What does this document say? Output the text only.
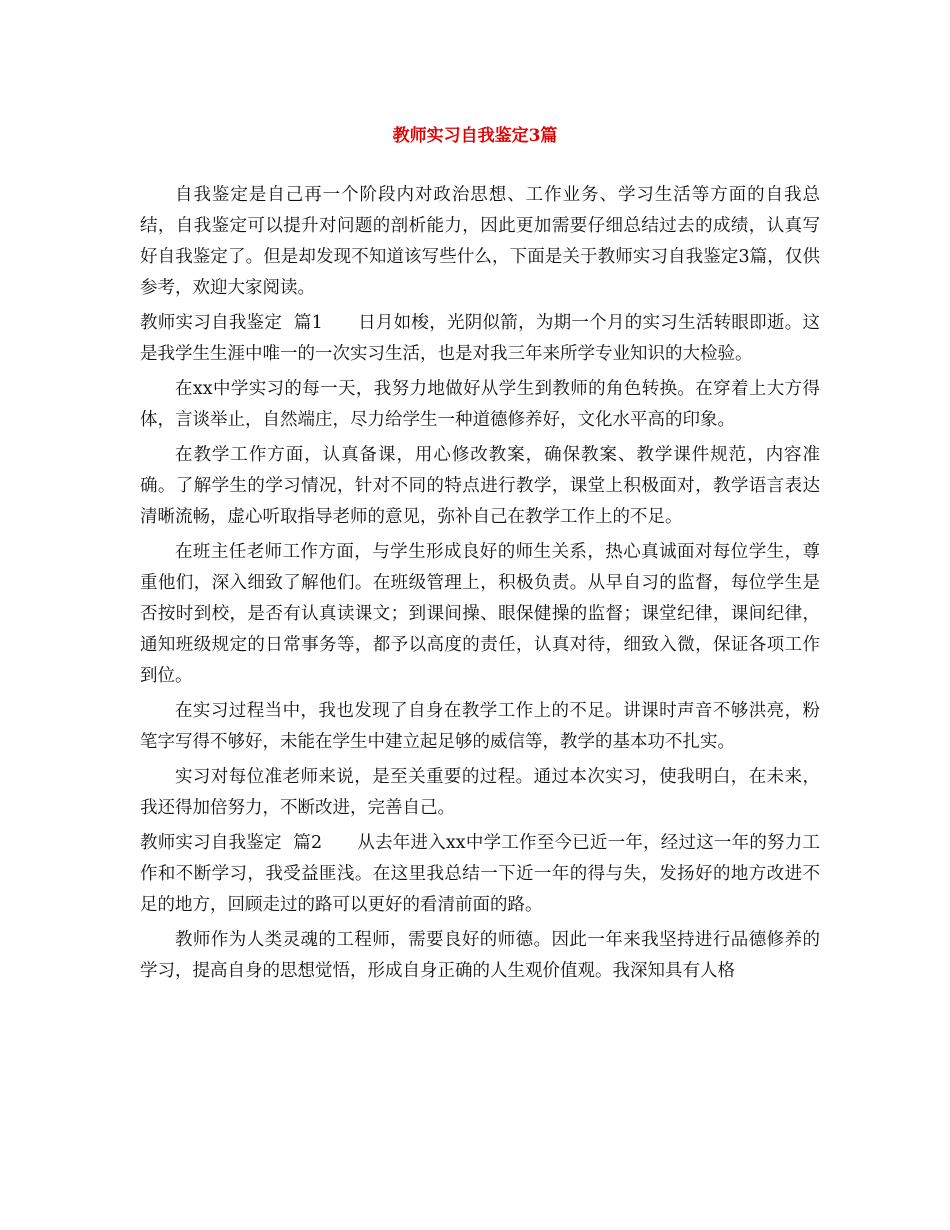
教师实习自我鉴定3篇

自我鉴定是自己再一个阶段内对政治思想、工作业务、学习生活等方面的自我总结，自我鉴定可以提升对问题的剖析能力，因此更加需要仔细总结过去的成绩，认真写好自我鉴定了。但是却发现不知道该写些什么，下面是关于教师实习自我鉴定3篇，仅供参考，欢迎大家阅读。

教师实习自我鉴定  篇1   日月如梭，光阴似箭，为期一个月的实习生活转眼即逝。这是我学生生涯中唯一的一次实习生活，也是对我三年来所学专业知识的大检验。

在xx中学实习的每一天，我努力地做好从学生到教师的角色转换。在穿着上大方得体，言谈举止，自然端庄，尽力给学生一种道德修养好，文化水平高的印象。

在教学工作方面，认真备课，用心修改教案，确保教案、教学课件规范，内容准确。了解学生的学习情况，针对不同的特点进行教学，课堂上积极面对，教学语言表达清晰流畅，虚心听取指导老师的意见，弥补自己在教学工作上的不足。

在班主任老师工作方面，与学生形成良好的师生关系，热心真诚面对每位学生，尊重他们，深入细致了解他们。在班级管理上，积极负责。从早自习的监督，每位学生是否按时到校，是否有认真读课文；到课间操、眼保健操的监督；课堂纪律，课间纪律，通知班级规定的日常事务等，都予以高度的责任，认真对待，细致入微，保证各项工作到位。

在实习过程当中，我也发现了自身在教学工作上的不足。讲课时声音不够洪亮，粉笔字写得不够好，未能在学生中建立起足够的威信等，教学的基本功不扎实。

实习对每位准老师来说，是至关重要的过程。通过本次实习，使我明白，在未来，我还得加倍努力，不断改进，完善自己。

教师实习自我鉴定  篇2   从去年进入xx中学工作至今已近一年，经过这一年的努力工作和不断学习，我受益匪浅。在这里我总结一下近一年的得与失，发扬好的地方改进不足的地方，回顾走过的路可以更好的看清前面的路。

教师作为人类灵魂的工程师，需要良好的师德。因此一年来我坚持进行品德修养的学习，提高自身的思想觉悟，形成自身正确的人生观价值观。我深知具有人格
